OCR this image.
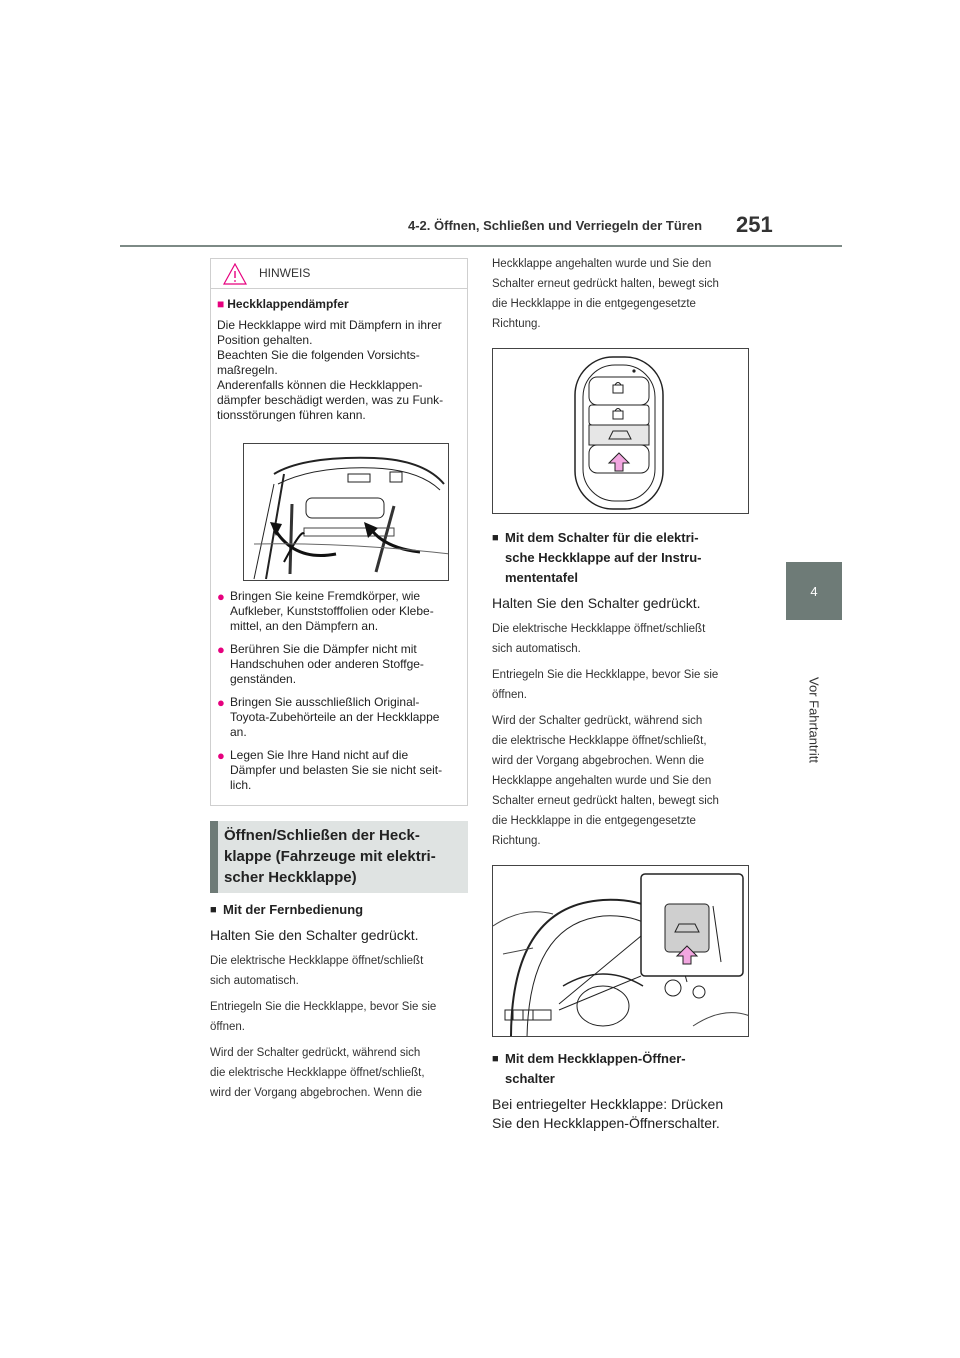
4-2. Öffnen, Schließen und Verriegeln der Türen 251
4
Vor Fahrtantritt
HINWEIS
■ Heckklappendämpfer
Die Heckklappe wird mit Dämpfern in ihrer
Position gehalten.
Beachten Sie die folgenden Vorsichts-
maßregeln.
Anderenfalls können die Heckklappen-
dämpfer beschädigt werden, was zu Funk-
tionsstörungen führen kann.
● Bringen Sie keine Fremdkörper, wie
Aufkleber, Kunststofffolien oder Klebe-
mittel, an den Dämpfern an.
● Berühren Sie die Dämpfer nicht mit
Handschuhen oder anderen Stoffge-
genständen.
● Bringen Sie ausschließlich Original-
Toyota-Zubehörteile an der Heckklappe
an.
● Legen Sie Ihre Hand nicht auf die
Dämpfer und belasten Sie sie nicht seit-
lich.
Öffnen/Schließen der Heck-
klappe (Fahrzeuge mit elektri-
scher Heckklappe)
■ Mit der Fernbedienung
Halten Sie den Schalter gedrückt.
Die elektrische Heckklappe öffnet/schließt
sich automatisch.
Entriegeln Sie die Heckklappe, bevor Sie sie
öffnen.
Wird der Schalter gedrückt, während sich
die elektrische Heckklappe öffnet/schließt,
wird der Vorgang abgebrochen. Wenn die
Heckklappe angehalten wurde und Sie den
Schalter erneut gedrückt halten, bewegt sich
die Heckklappe in die entgegengesetzte
Richtung.
■ Mit dem Schalter für die elektri-
sche Heckklappe auf der Instru-
mententafel
Halten Sie den Schalter gedrückt.
Die elektrische Heckklappe öffnet/schließt
sich automatisch.
Entriegeln Sie die Heckklappe, bevor Sie sie
öffnen.
Wird der Schalter gedrückt, während sich
die elektrische Heckklappe öffnet/schließt,
wird der Vorgang abgebrochen. Wenn die
Heckklappe angehalten wurde und Sie den
Schalter erneut gedrückt halten, bewegt sich
die Heckklappe in die entgegengesetzte
Richtung.
■ Mit dem Heckklappen-Öffner-
schalter
Bei entriegelter Heckklappe: Drücken
Sie den Heckklappen-Öffnerschalter.
